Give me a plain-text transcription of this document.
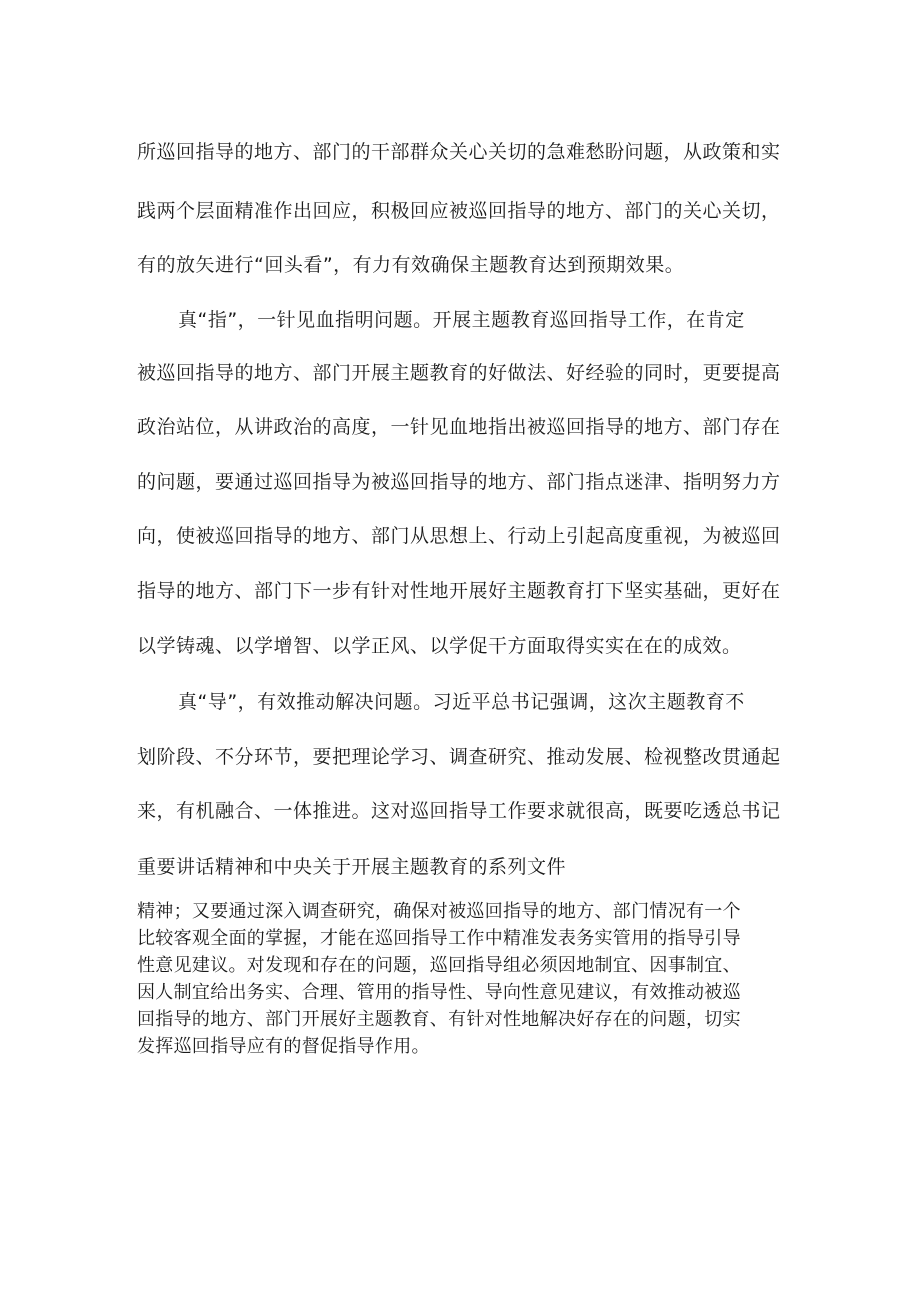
所巡回指导的地方、部门的干部群众关心关切的急难愁盼问题，从政策和实
践两个层面精准作出回应，积极回应被巡回指导的地方、部门的关心关切，
有的放矢进行“回头看”，有力有效确保主题教育达到预期效果。
真“指”，一针见血指明问题。开展主题教育巡回指导工作，在肯定
被巡回指导的地方、部门开展主题教育的好做法、好经验的同时，更要提高
政治站位，从讲政治的高度，一针见血地指出被巡回指导的地方、部门存在
的问题，要通过巡回指导为被巡回指导的地方、部门指点迷津、指明努力方
向，使被巡回指导的地方、部门从思想上、行动上引起高度重视，为被巡回
指导的地方、部门下一步有针对性地开展好主题教育打下坚实基础，更好在
以学铸魂、以学增智、以学正风、以学促干方面取得实实在在的成效。
真“导”，有效推动解决问题。习近平总书记强调，这次主题教育不
划阶段、不分环节，要把理论学习、调查研究、推动发展、检视整改贯通起
来，有机融合、一体推进。这对巡回指导工作要求就很高，既要吃透总书记
重要讲话精神和中央关于开展主题教育的系列文件
精神；又要通过深入调查研究，确保对被巡回指导的地方、部门情况有一个
比较客观全面的掌握，才能在巡回指导工作中精准发表务实管用的指导引导
性意见建议。对发现和存在的问题，巡回指导组必须因地制宜、因事制宜、
因人制宜给出务实、合理、管用的指导性、导向性意见建议，有效推动被巡
回指导的地方、部门开展好主题教育、有针对性地解决好存在的问题，切实
发挥巡回指导应有的督促指导作用。
